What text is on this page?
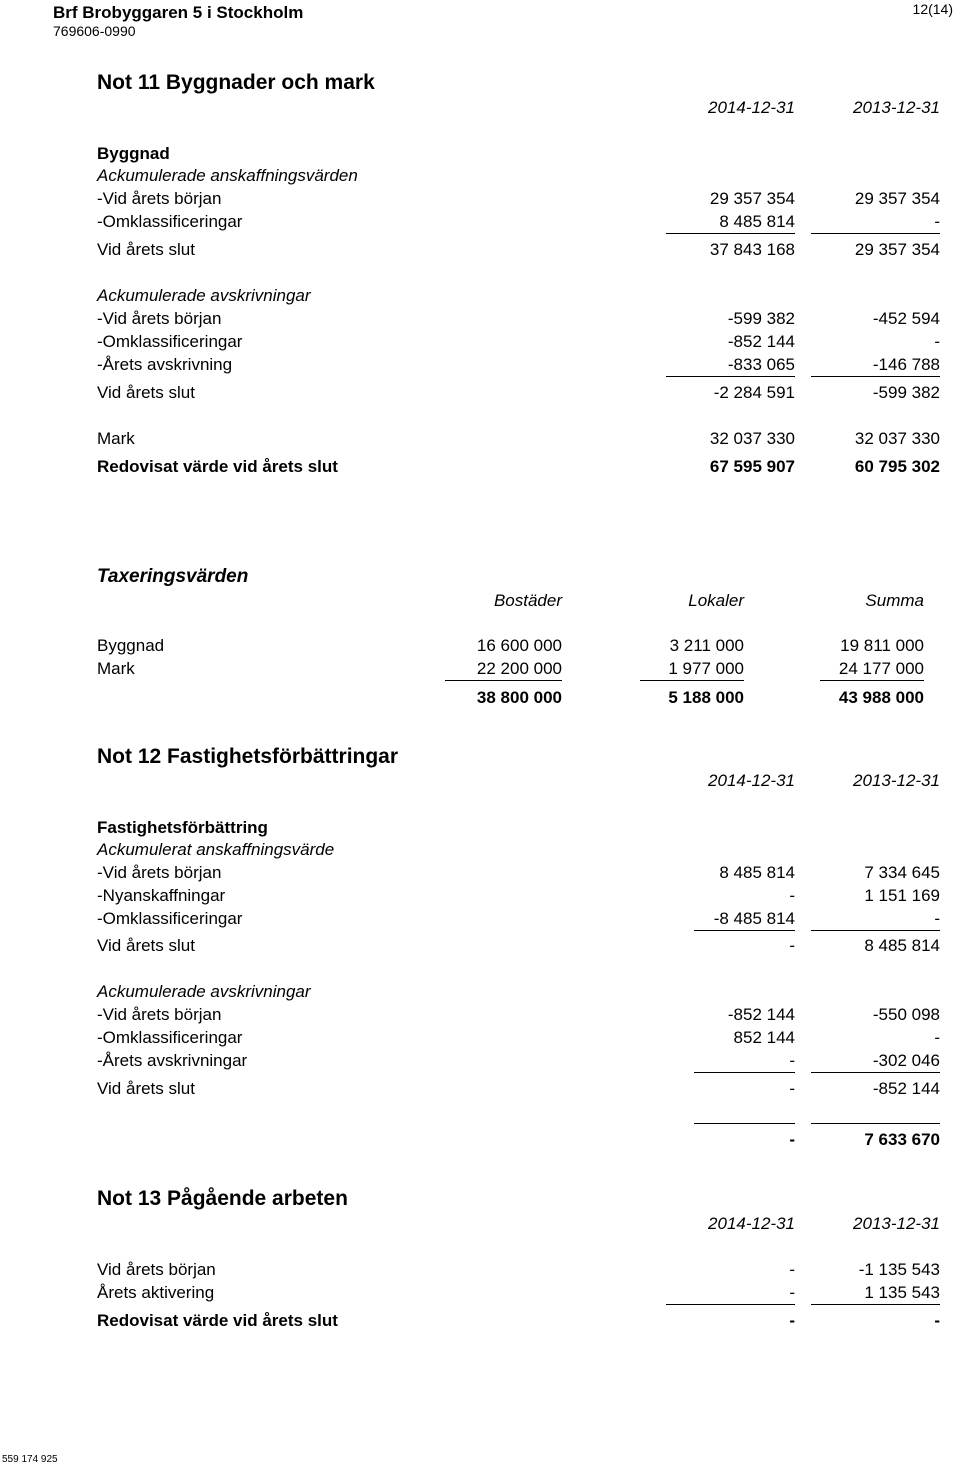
Brf Brobyggaren 5 i Stockholm
769606-0990
12(14)
Not 11 Byggnader och mark
2014-12-31	2013-12-31
Byggnad
Ackumulerade anskaffningsvärden
-Vid årets början	29 357 354	29 357 354
-Omklassificeringar	8 485 814	-
Vid årets slut	37 843 168	29 357 354
Ackumulerade avskrivningar
-Vid årets början	-599 382	-452 594
-Omklassificeringar	-852 144	-
-Årets avskrivning	-833 065	-146 788
Vid årets slut	-2 284 591	-599 382
Mark	32 037 330	32 037 330
Redovisat värde vid årets slut	67 595 907	60 795 302
Taxeringsvärden
Bostäder	Lokaler	Summa
Byggnad	16 600 000	3 211 000	19 811 000
Mark	22 200 000	1 977 000	24 177 000
38 800 000	5 188 000	43 988 000
Not 12 Fastighetsförbättringar
2014-12-31	2013-12-31
Fastighetsförbättring
Ackumulerat anskaffningsvärde
-Vid årets början	8 485 814	7 334 645
-Nyanskaffningar	-	1 151 169
-Omklassificeringar	-8 485 814	-
Vid årets slut	-	8 485 814
Ackumulerade avskrivningar
-Vid årets början	-852 144	-550 098
-Omklassificeringar	852 144	-
-Årets avskrivningar	-	-302 046
Vid årets slut	-	-852 144
-	7 633 670
Not 13 Pågående arbeten
2014-12-31	2013-12-31
Vid årets början	-	-1 135 543
Årets aktivering	-	1 135 543
Redovisat värde vid årets slut	-	-
559 174 925
